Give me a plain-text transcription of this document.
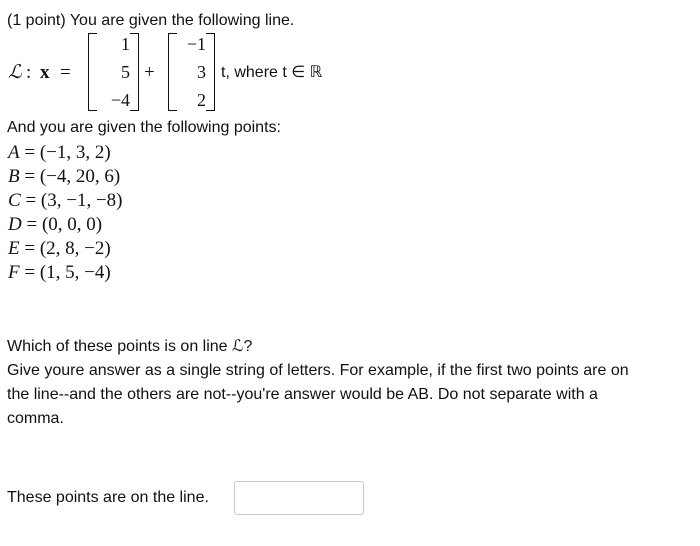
(1 point) You are given the following line.
ℒ : x =
1
5
−4
+
−1
3
2
t, where t ∈ ℝ
And you are given the following points:
A = (−1, 3, 2)
B = (−4, 20, 6)
C = (3, −1, −8)
D = (0, 0, 0)
E = (2, 8, −2)
F = (1, 5, −4)
Which of these points is on line ℒ?
Give youre answer as a single string of letters. For example, if the first two points are on
the line--and the others are not--you're answer would be AB. Do not separate with a
comma.
These points are on the line.
